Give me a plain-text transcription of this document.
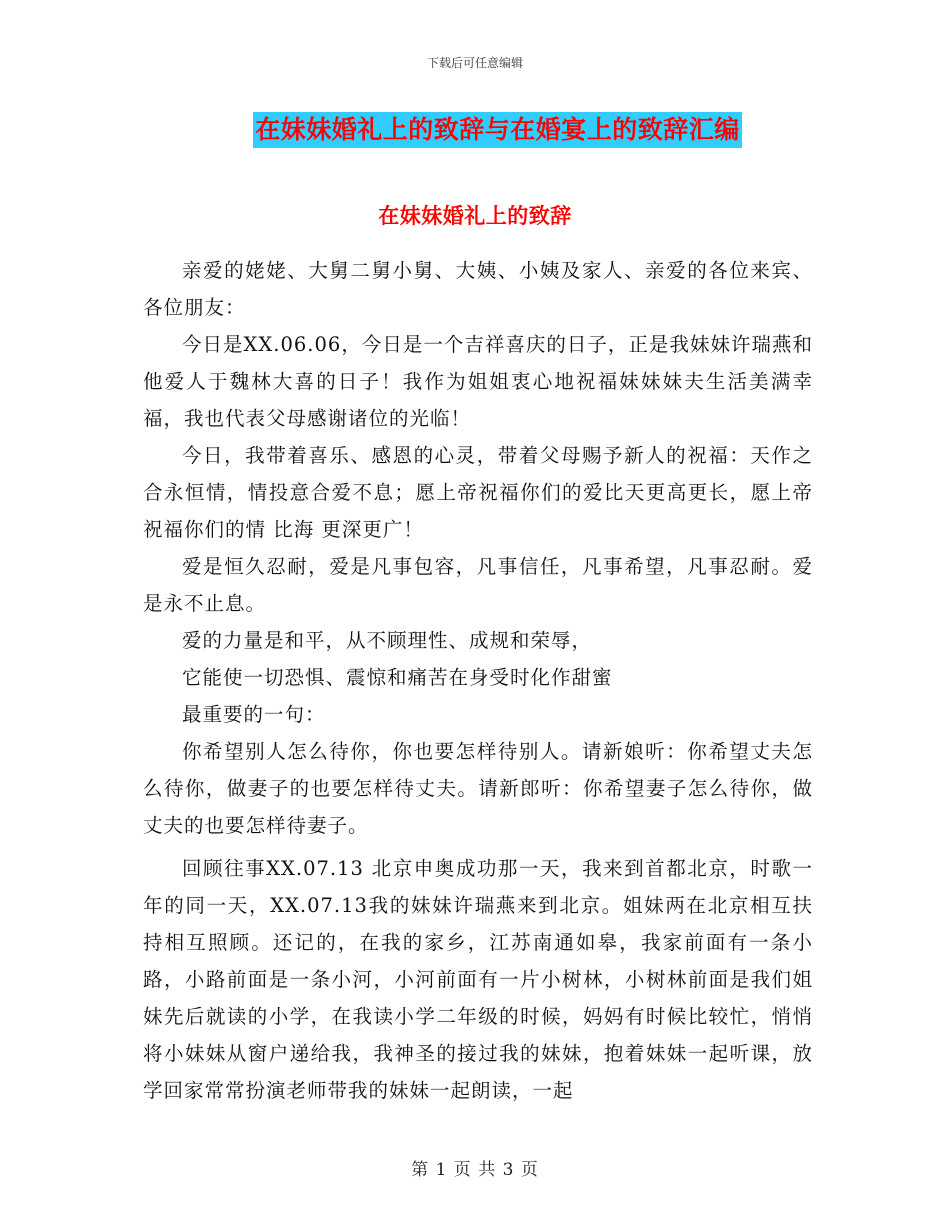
下载后可任意编辑
在妹妹婚礼上的致辞与在婚宴上的致辞汇编
在妹妹婚礼上的致辞

亲爱的姥姥、大舅二舅小舅、大姨、小姨及家人、亲爱的各位来宾、各位朋友：

今日是XX.06.06，今日是一个吉祥喜庆的日子，正是我妹妹许瑞燕和他爱人于魏林大喜的日子！我作为姐姐衷心地祝福妹妹妹夫生活美满幸福，我也代表父母感谢诸位的光临！

今日，我带着喜乐、感恩的心灵，带着父母赐予新人的祝福：天作之合永恒情，情投意合爱不息；愿上帝祝福你们的爱比天更高更长，愿上帝祝福你们的情 比海 更深更广！

爱是恒久忍耐，爱是凡事包容，凡事信任，凡事希望，凡事忍耐。爱是永不止息。

爱的力量是和平，从不顾理性、成规和荣辱，

它能使一切恐惧、震惊和痛苦在身受时化作甜蜜

最重要的一句：

你希望别人怎么待你，你也要怎样待别人。请新娘听：你希望丈夫怎么待你，做妻子的也要怎样待丈夫。请新郎听：你希望妻子怎么待你，做丈夫的也要怎样待妻子。

回顾往事XX.07.13 北京申奥成功那一天，我来到首都北京，时歌一年的同一天，XX.07.13我的妹妹许瑞燕来到北京。姐妹两在北京相互扶持相互照顾。还记的，在我的家乡，江苏南通如皋，我家前面有一条小路，小路前面是一条小河，小河前面有一片小树林，小树林前面是我们姐妹先后就读的小学，在我读小学二年级的时候，妈妈有时候比较忙，悄悄将小妹妹从窗户递给我，我神圣的接过我的妹妹，抱着妹妹一起听课，放学回家常常扮演老师带我的妹妹一起朗读，一起

第 1 页 共 3 页
